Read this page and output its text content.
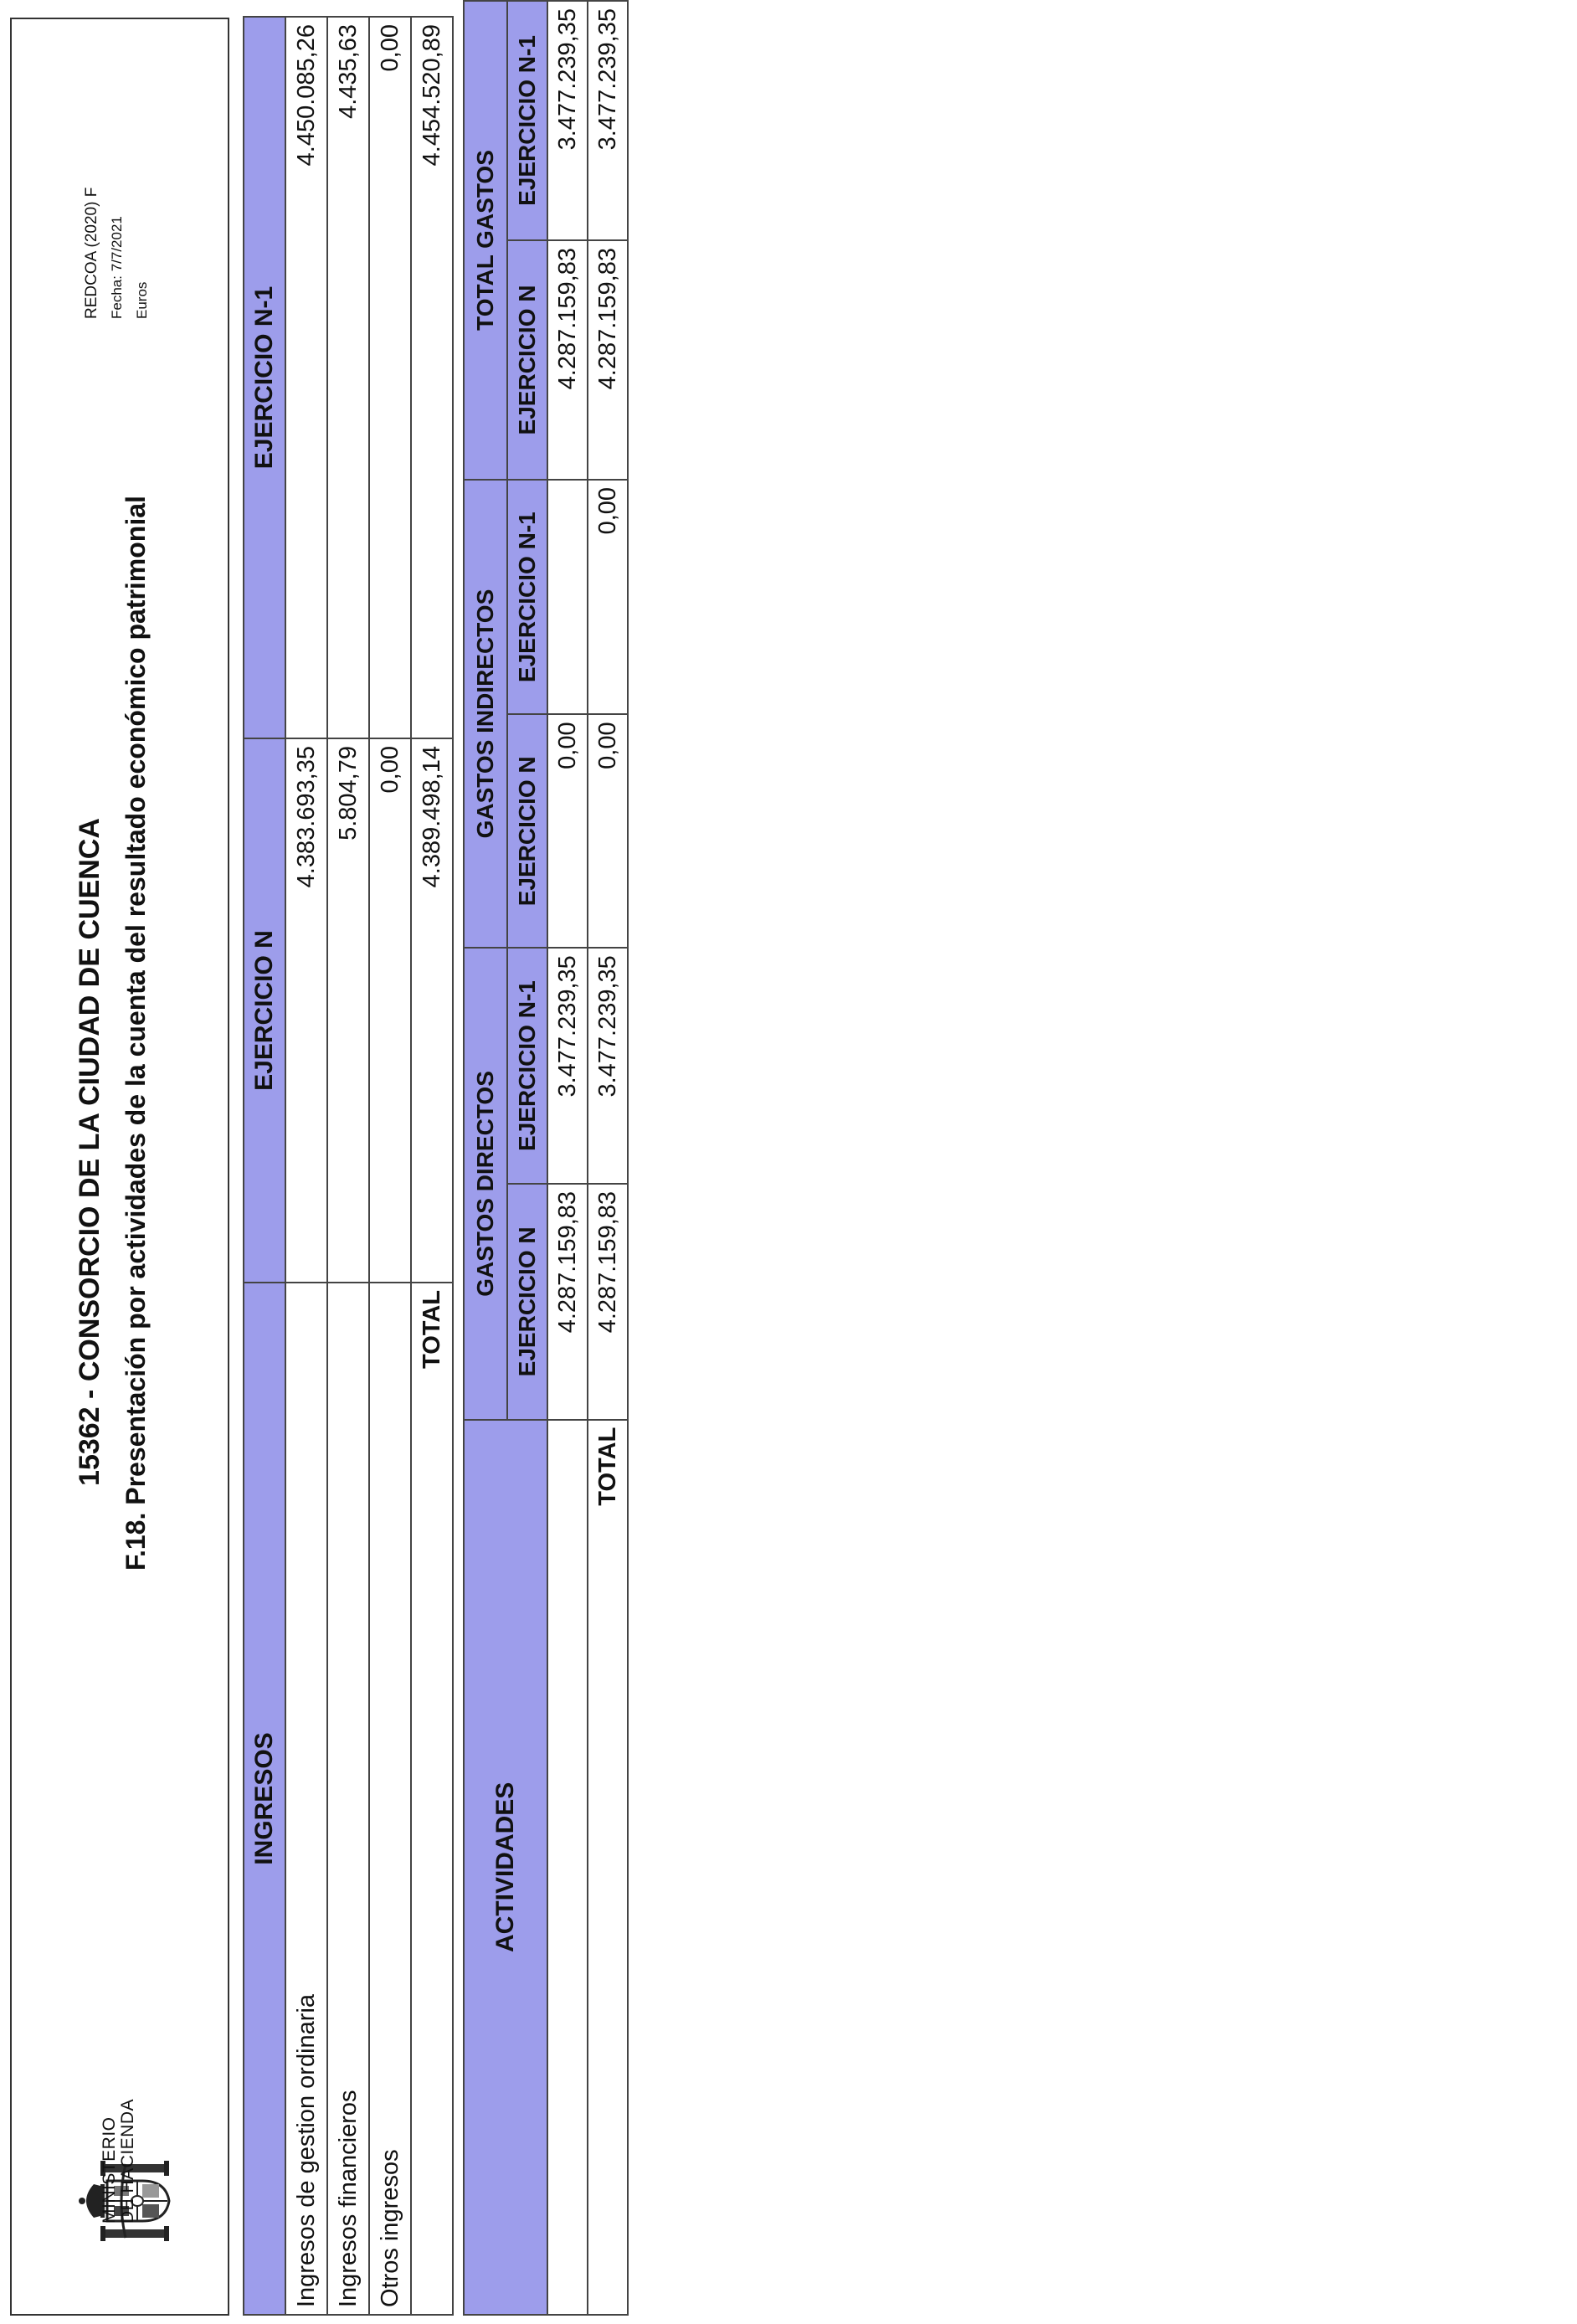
MINISTERIO DE HACIENDA
15362 - CONSORCIO DE LA CIUDAD DE CUENCA F.18. Presentación por actividades de la cuenta del resultado económico patrimonial
REDCOA (2020) F Fecha: 7/7/2021 Euros
INGRESOS	EJERCICIO N	EJERCICIO N-1
Ingresos de gestion ordinaria	4.383.693,35	4.450.085,26
Ingresos financieros	5.804,79	4.435,63
Otros ingresos	0,00	0,00
TOTAL	4.389.498,14	4.454.520,89
ACTIVIDADES	GASTOS DIRECTOS		GASTOS INDIRECTOS		TOTAL GASTOS	
	EJERCICIO N	EJERCICIO N-1	EJERCICIO N	EJERCICIO N-1	EJERCICIO N	EJERCICIO N-1
	4.287.159,83	3.477.239,35	0,00		4.287.159,83	3.477.239,35
TOTAL	4.287.159,83	3.477.239,35	0,00	0,00	4.287.159,83	3.477.239,35
